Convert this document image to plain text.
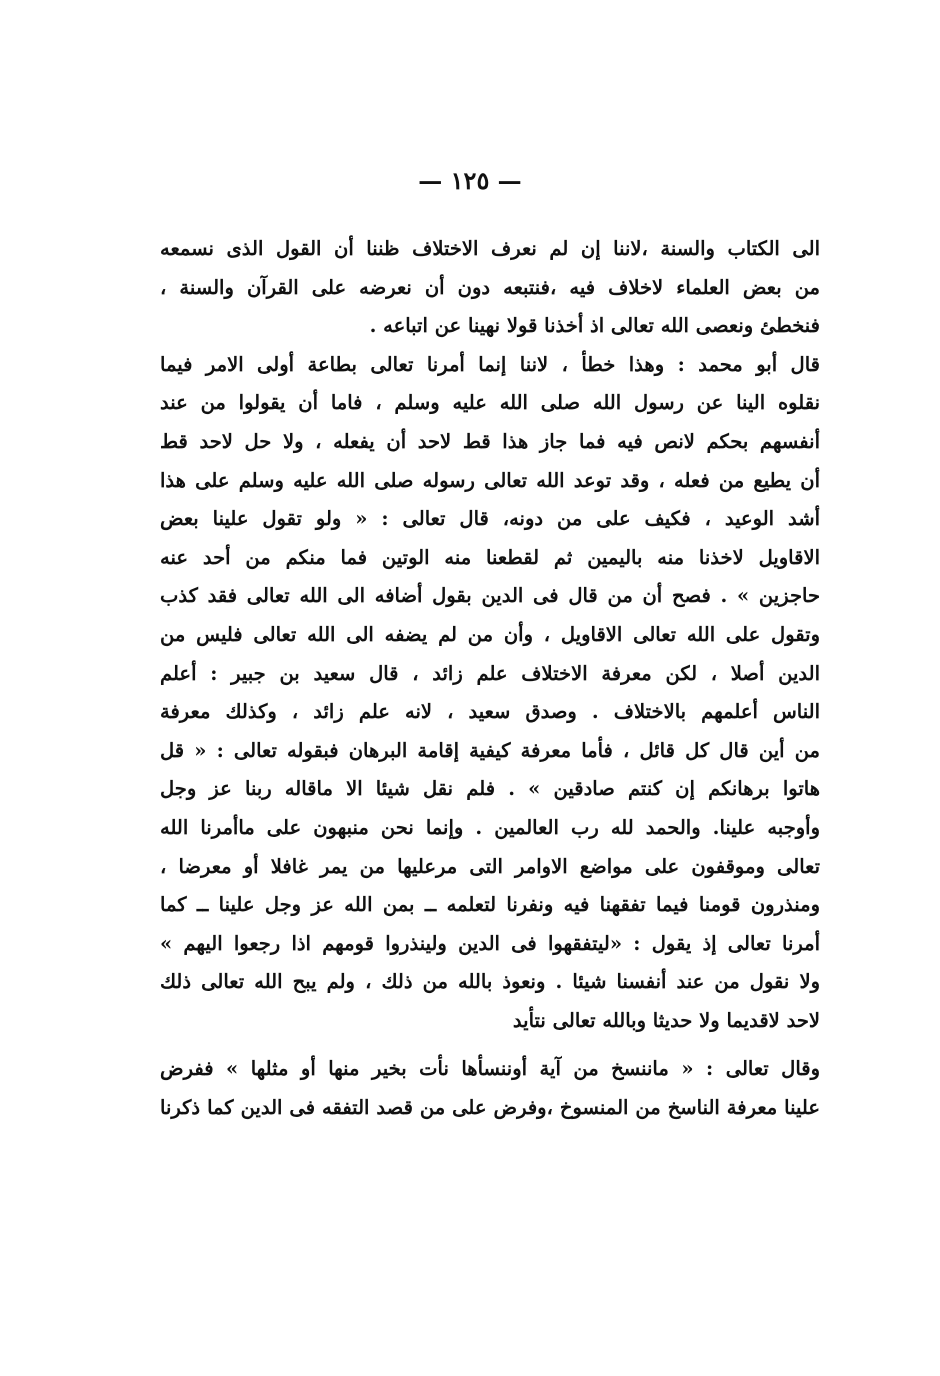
— ١٢٥ —
الى الكتاب والسنة ،لاننا إن لم نعرف الاختلاف ظننا أن القول الذى نسمعه
من بعض العلماء لاخلاف فيه ،فنتبعه دون أن نعرضه على القرآن والسنة ،
فنخطئ ونعصى الله تعالى اذ أخذنا قولا نهينا عن اتباعه .
قال أبو محمد : وهذا خطأ ، لاننا إنما أمرنا تعالى بطاعة أولى الامر فيما
نقلوه الينا عن رسول الله صلى الله عليه وسلم ، فاما أن يقولوا من عند
أنفسهم بحكم لانص فيه فما جاز هذا قط لاحد أن يفعله ، ولا حل لاحد قط
أن يطيع من فعله ، وقد توعد الله تعالى رسوله صلى الله عليه وسلم على هذا
أشد الوعيد ، فكيف على من دونه، قال تعالى : « ولو تقول علينا بعض
الاقاويل لاخذنا منه باليمين ثم لقطعنا منه الوتين فما منكم من أحد عنه
حاجزين » . فصح أن من قال فى الدين بقول أضافه الى الله تعالى فقد كذب
وتقول على الله تعالى الاقاويل ، وأن من لم يضفه الى الله تعالى فليس من
الدين أصلا ، لكن معرفة الاختلاف علم زائد ، قال سعيد بن جبير : أعلم
الناس أعلمهم بالاختلاف . وصدق سعيد ، لانه علم زائد ، وكذلك معرفة
من أين قال كل قائل ، فأما معرفة كيفية إقامة البرهان فبقوله تعالى : « قل
هاتوا برهانكم إن كنتم صادقين » . فلم نقل شيئا الا ماقاله ربنا عز وجل
وأوجبه علينا. والحمد لله رب العالمين . وإنما نحن منبهون على ماأمرنا الله
تعالى وموقفون على مواضع الاوامر التى مرعليها من يمر غافلا أو معرضا ،
ومنذرون قومنا فيما تفقهنا فيه ونفرنا لتعلمه ــ بمن الله عز وجل علينا ــ كما
أمرنا تعالى إذ يقول : «ليتفقهوا فى الدين ولينذروا قومهم اذا رجعوا اليهم »
ولا نقول من عند أنفسنا شيئا . ونعوذ بالله من ذلك ، ولم يبح الله تعالى ذلك
لاحد لاقديما ولا حديثا وبالله تعالى نتأيد
وقال تعالى : « ماننسخ من آية أوننسأها نأت بخير منها أو مثلها » ففرض
علينا معرفة الناسخ من المنسوخ ،وفرض على من قصد التفقه فى الدين كما ذكرنا
